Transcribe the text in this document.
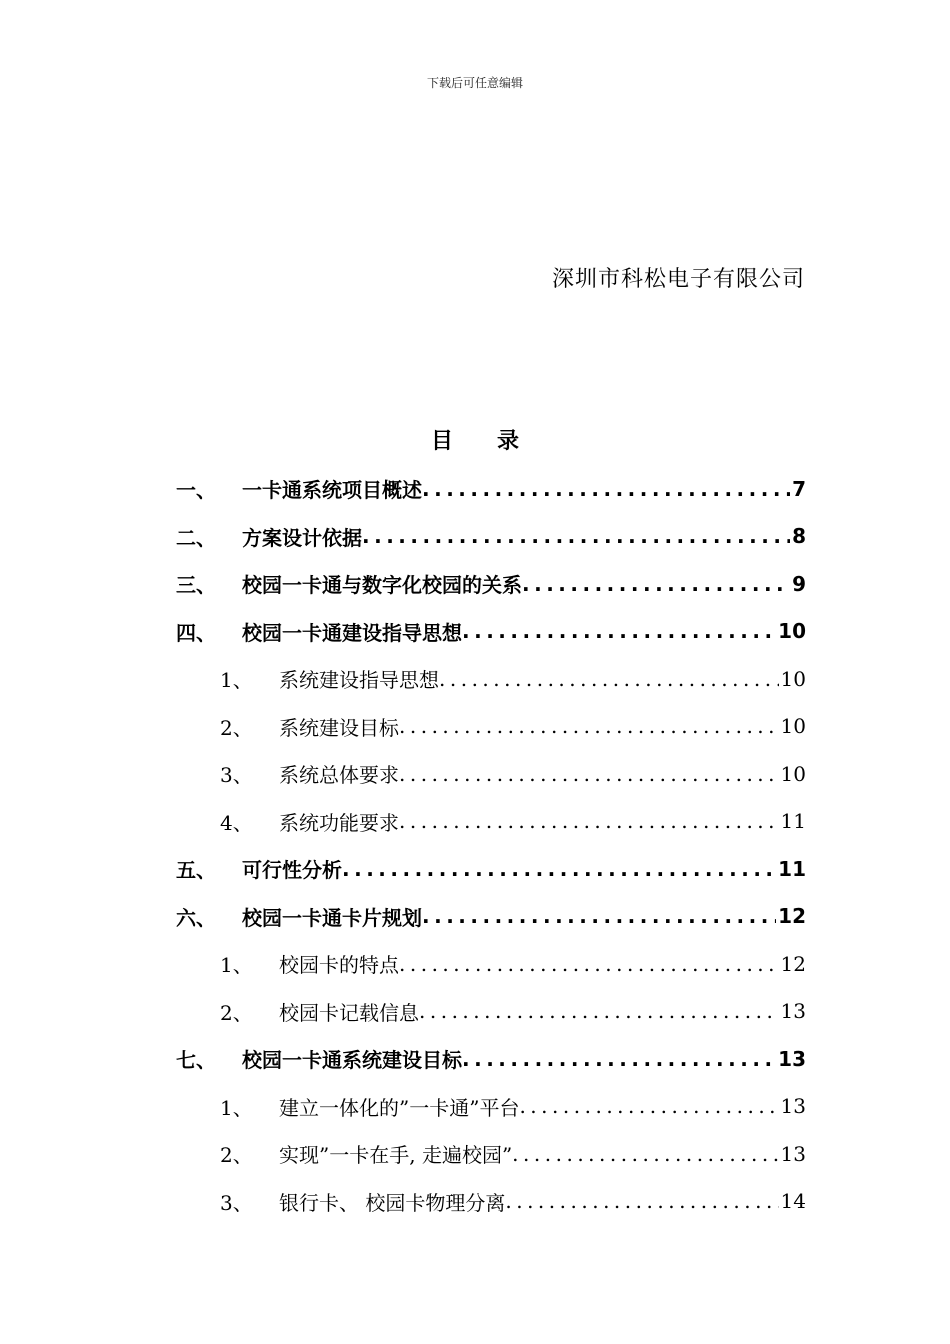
下载后可任意编辑
深圳市科松电子有限公司
目 录
一、	一卡通系统项目概述 .....	7
二、	方案设计依据 .....	8
三、	校园一卡通与数字化校园的关系 .....	9
四、	校园一卡通建设指导思想 .....	10
1、	系统建设指导思想 .....	10
2、	系统建设目标 .....	10
3、	系统总体要求 .....	10
4、	系统功能要求 .....	11
五、	可行性分析 .....	11
六、	校园一卡通卡片规划 .....	12
1、	校园卡的特点 .....	12
2、	校园卡记载信息 .....	13
七、	校园一卡通系统建设目标 .....	13
1、	建立一体化的”一卡通”平台 .....	13
2、	实现”一卡在手, 走遍校园” .....	13
3、	银行卡、 校园卡物理分离 .....	14
